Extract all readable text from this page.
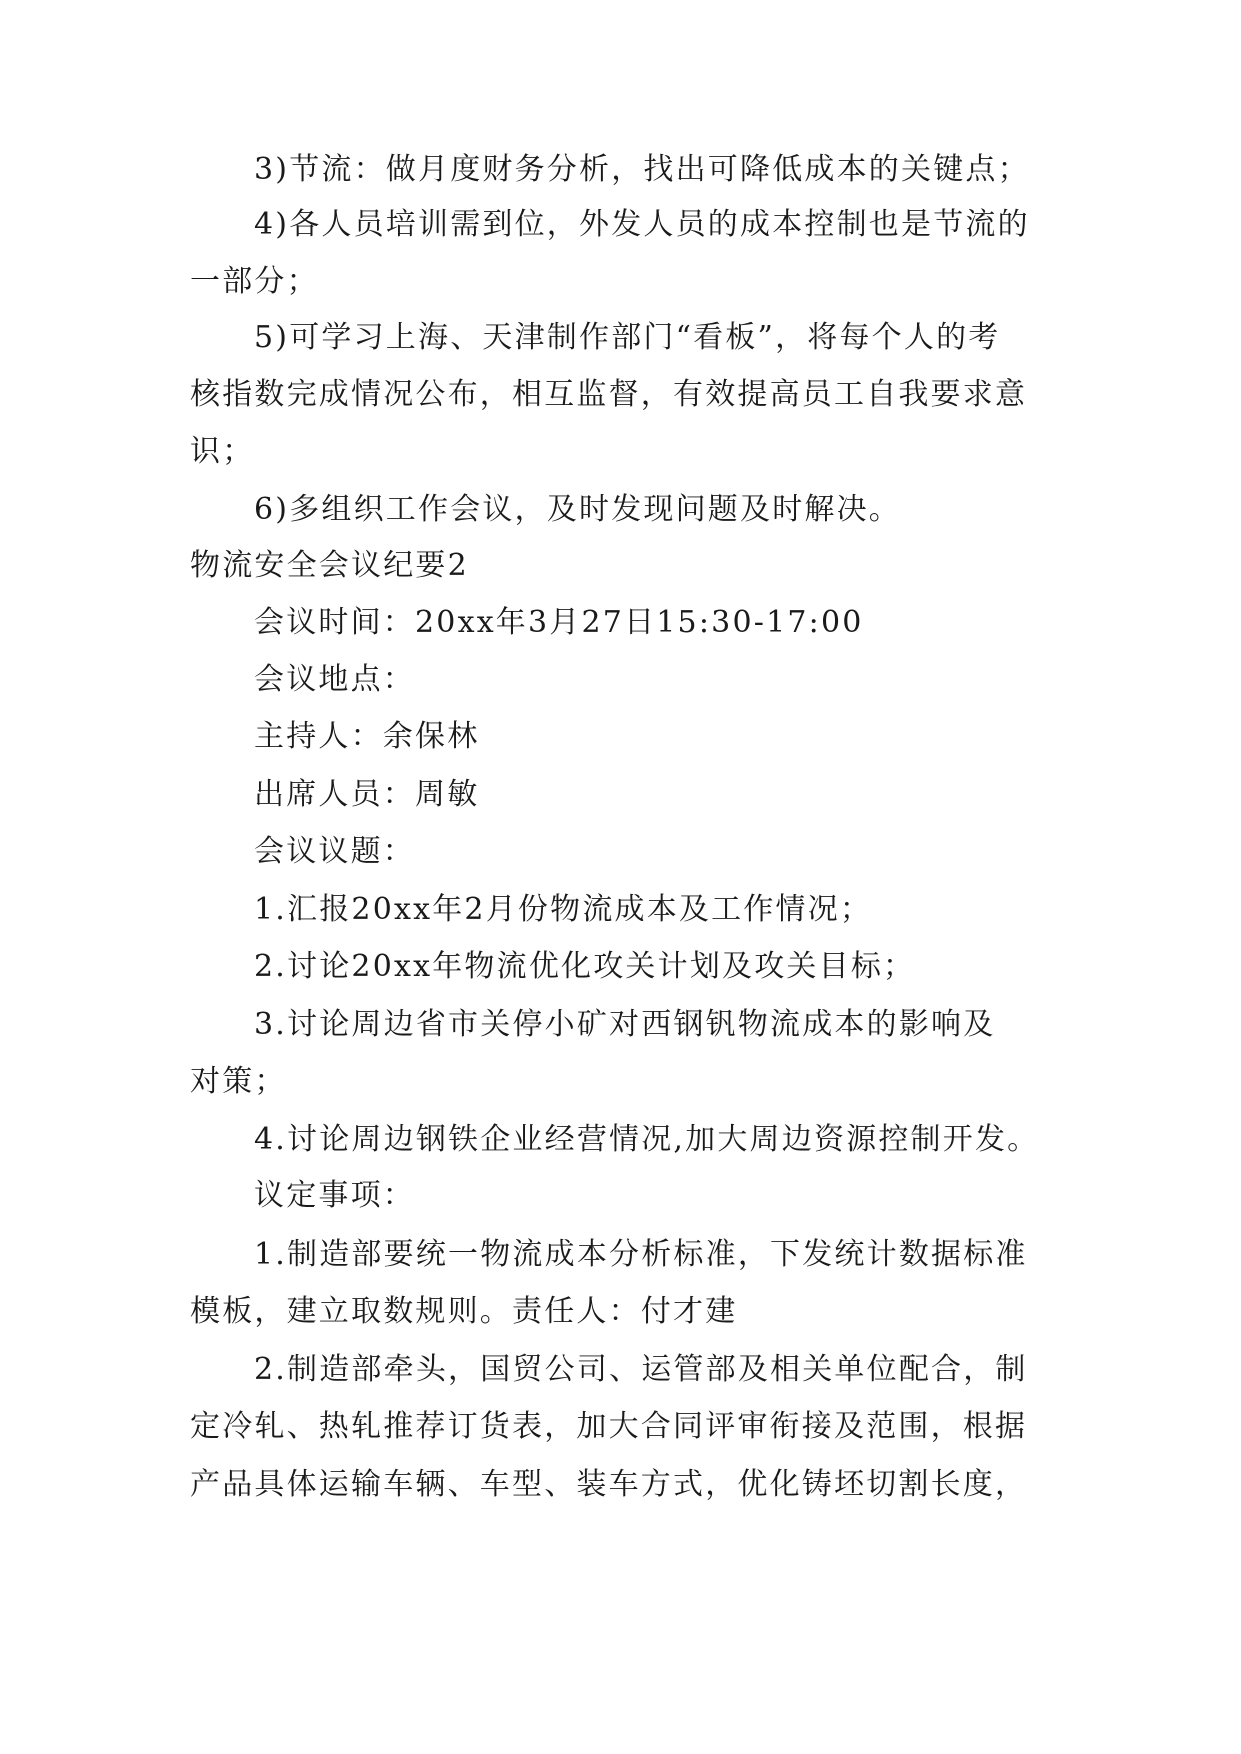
3)节流：做月度财务分析，找出可降低成本的关键点；
4)各人员培训需到位，外发人员的成本控制也是节流的
一部分；
5)可学习上海、天津制作部门“看板”，将每个人的考
核指数完成情况公布，相互监督，有效提高员工自我要求意
识；
6)多组织工作会议，及时发现问题及时解决。
物流安全会议纪要2
会议时间：20xx年3月27日15:30-17:00
会议地点：
主持人：余保林
出席人员：周敏
会议议题：
1.汇报20xx年2月份物流成本及工作情况；
2.讨论20xx年物流优化攻关计划及攻关目标；
3.讨论周边省市关停小矿对西钢钒物流成本的影响及
对策；
4.讨论周边钢铁企业经营情况,加大周边资源控制开发。
议定事项：
1.制造部要统一物流成本分析标准，下发统计数据标准
模板，建立取数规则。责任人：付才建
2.制造部牵头，国贸公司、运管部及相关单位配合，制
定冷轧、热轧推荐订货表，加大合同评审衔接及范围，根据
产品具体运输车辆、车型、装车方式，优化铸坯切割长度，
